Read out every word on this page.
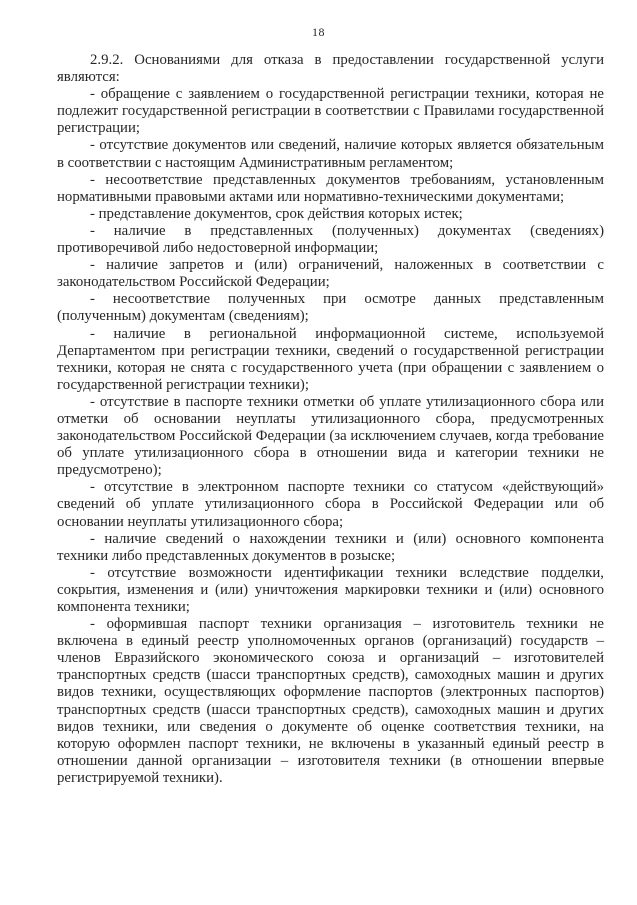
18

2.9.2. Основаниями для отказа в предоставлении государственной услуги являются:

- обращение с заявлением о государственной регистрации техники, которая не подлежит государственной регистрации в соответствии с Правилами государственной регистрации;

- отсутствие документов или сведений, наличие которых является обязательным в соответствии с настоящим Административным регламентом;

- несоответствие представленных документов требованиям, установленным нормативными правовыми актами или нормативно-техническими документами;

- представление документов, срок действия которых истек;

- наличие в представленных (полученных) документах (сведениях) противоречивой либо недостоверной информации;

- наличие запретов и (или) ограничений, наложенных в соответствии с законодательством Российской Федерации;

- несоответствие полученных при осмотре данных представленным (полученным) документам (сведениям);

- наличие в региональной информационной системе, используемой Департаментом при регистрации техники, сведений о государственной регистрации техники, которая не снята с государственного учета (при обращении с заявлением о государственной регистрации техники);

- отсутствие в паспорте техники отметки об уплате утилизационного сбора или отметки об основании неуплаты утилизационного сбора, предусмотренных законодательством Российской Федерации (за исключением случаев, когда требование об уплате утилизационного сбора в отношении вида и категории техники не предусмотрено);

- отсутствие в электронном паспорте техники со статусом «действующий» сведений об уплате утилизационного сбора в Российской Федерации или об основании неуплаты утилизационного сбора;

- наличие сведений о нахождении техники и (или) основного компонента техники либо представленных документов в розыске;

- отсутствие возможности идентификации техники вследствие подделки, сокрытия, изменения и (или) уничтожения маркировки техники и (или) основного компонента техники;

- оформившая паспорт техники организация – изготовитель техники не включена в единый реестр уполномоченных органов (организаций) государств – членов Евразийского экономического союза и организаций – изготовителей транспортных средств (шасси транспортных средств), самоходных машин и других видов техники, осуществляющих оформление паспортов (электронных паспортов) транспортных средств (шасси транспортных средств), самоходных машин и других видов техники, или сведения о документе об оценке соответствия техники, на которую оформлен паспорт техники, не включены в указанный единый реестр в отношении данной организации – изготовителя техники (в отношении впервые регистрируемой техники).
